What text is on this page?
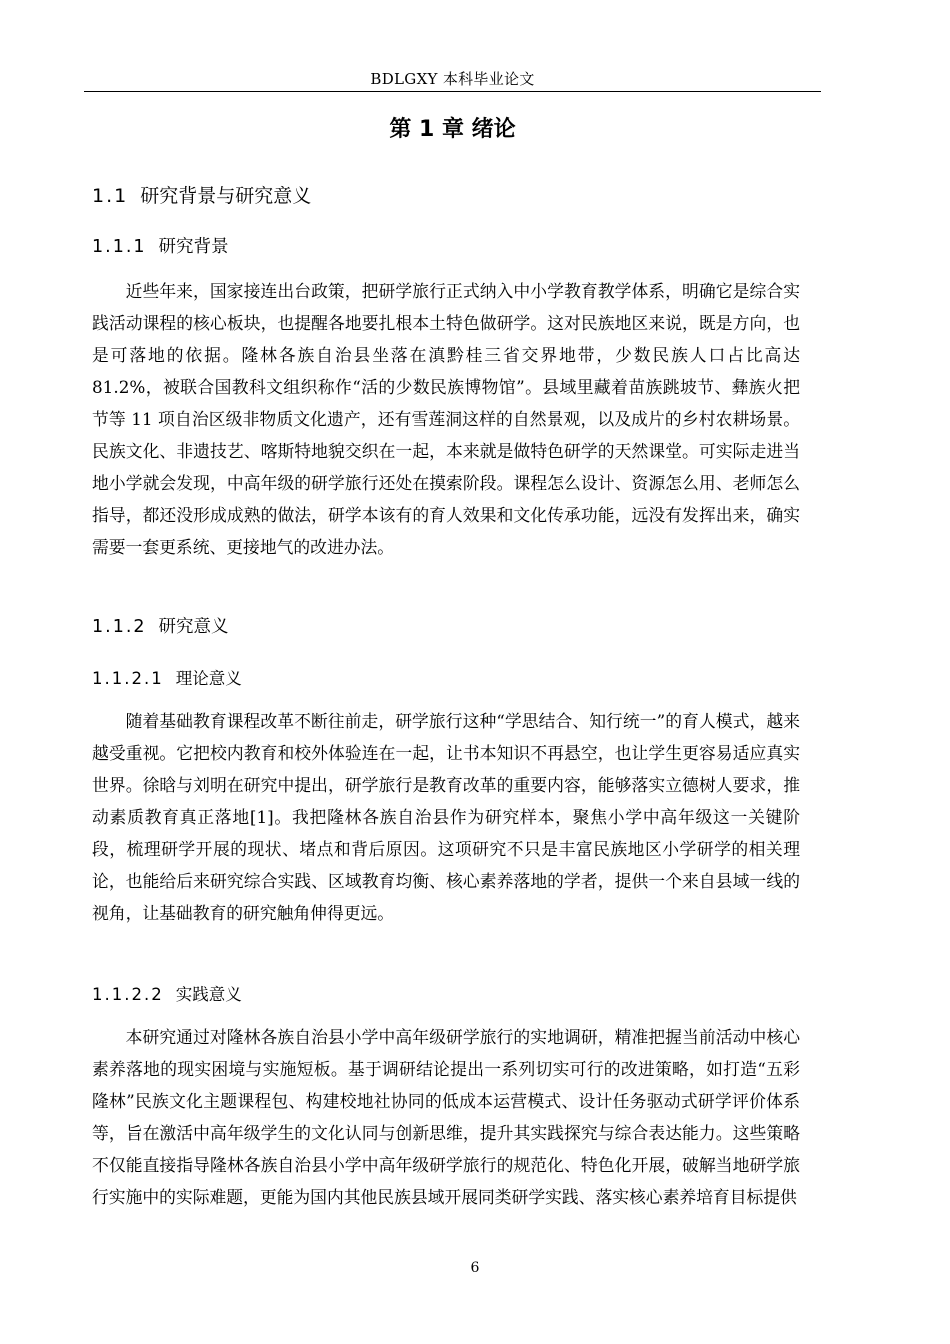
BDLGXY 本科毕业论文
第 1 章 绪论
1.1 研究背景与研究意义
1.1.1 研究背景

近些年来，国家接连出台政策，把研学旅行正式纳入中小学教育教学体系，明确它是综合实践活动课程的核心板块，也提醒各地要扎根本土特色做研学。这对民族地区来说，既是方向，也是可落地的依据。隆林各族自治县坐落在滇黔桂三省交界地带，少数民族人口占比高达 81.2%，被联合国教科文组织称作“活的少数民族博物馆”。县域里藏着苗族跳坡节、彝族火把节等 11 项自治区级非物质文化遗产，还有雪莲洞这样的自然景观，以及成片的乡村农耕场景。民族文化、非遗技艺、喀斯特地貌交织在一起，本来就是做特色研学的天然课堂。可实际走进当地小学就会发现，中高年级的研学旅行还处在摸索阶段。课程怎么设计、资源怎么用、老师怎么指导，都还没形成成熟的做法，研学本该有的育人效果和文化传承功能，远没有发挥出来，确实需要一套更系统、更接地气的改进办法。

1.1.2 研究意义
1.1.2.1 理论意义

随着基础教育课程改革不断往前走，研学旅行这种“学思结合、知行统一”的育人模式，越来越受重视。它把校内教育和校外体验连在一起，让书本知识不再悬空，也让学生更容易适应真实世界。徐晗与刘明在研究中提出，研学旅行是教育改革的重要内容，能够落实立德树人要求，推动素质教育真正落地[1]。我把隆林各族自治县作为研究样本，聚焦小学中高年级这一关键阶段，梳理研学开展的现状、堵点和背后原因。这项研究不只是丰富民族地区小学研学的相关理论，也能给后来研究综合实践、区域教育均衡、核心素养落地的学者，提供一个来自县域一线的视角，让基础教育的研究触角伸得更远。

1.1.2.2 实践意义

本研究通过对隆林各族自治县小学中高年级研学旅行的实地调研，精准把握当前活动中核心素养落地的现实困境与实施短板。基于调研结论提出一系列切实可行的改进策略，如打造“五彩隆林”民族文化主题课程包、构建校地社协同的低成本运营模式、设计任务驱动式研学评价体系等，旨在激活中高年级学生的文化认同与创新思维，提升其实践探究与综合表达能力。这些策略不仅能直接指导隆林各族自治县小学中高年级研学旅行的规范化、特色化开展，破解当地研学旅行实施中的实际难题，更能为国内其他民族县域开展同类研学实践、落实核心素养培育目标提供

6
